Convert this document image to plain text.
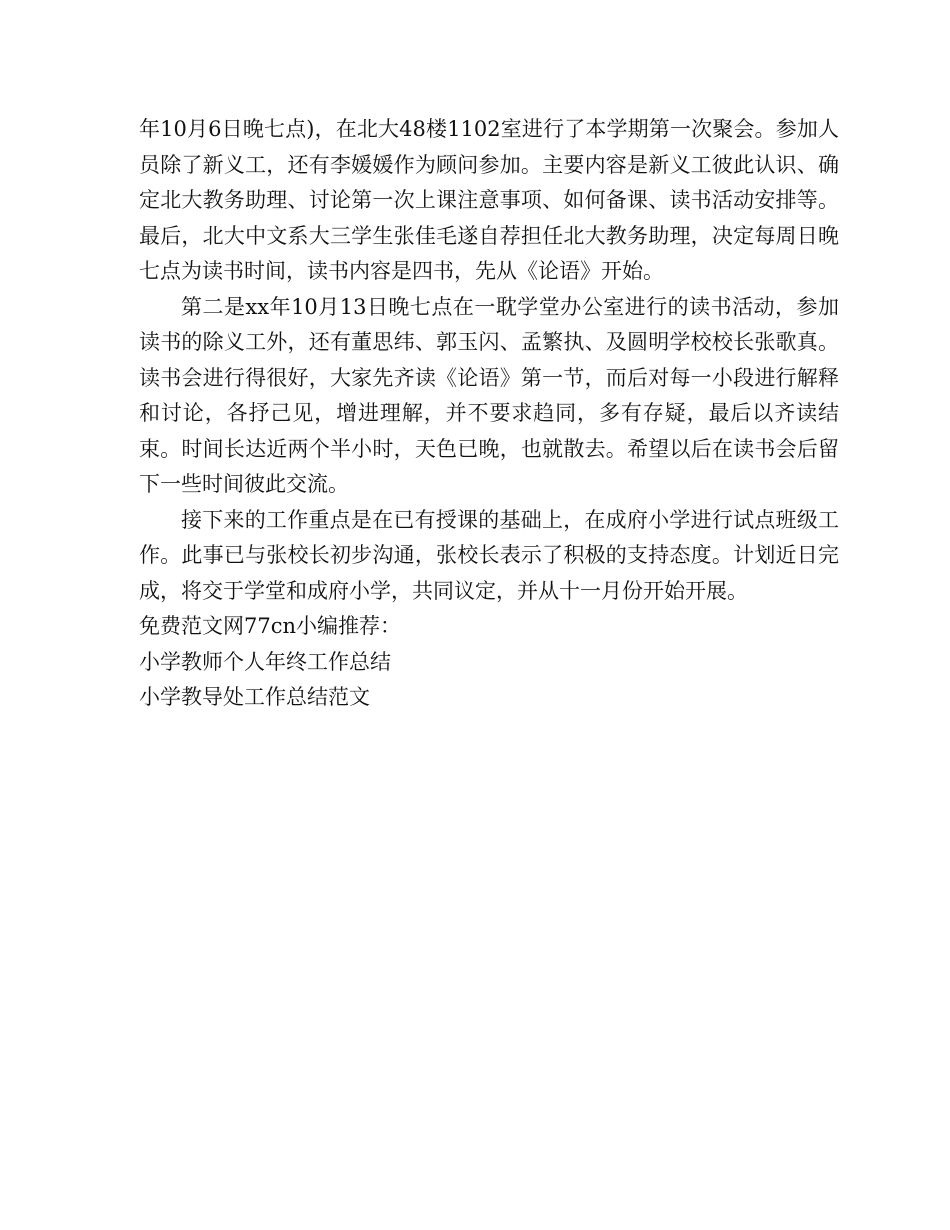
年10月6日晚七点)，在北大48楼1102室进行了本学期第一次聚会。参加人员除了新义工，还有李媛媛作为顾问参加。主要内容是新义工彼此认识、确定北大教务助理、讨论第一次上课注意事项、如何备课、读书活动安排等。最后，北大中文系大三学生张佳毛遂自荐担任北大教务助理，决定每周日晚七点为读书时间，读书内容是四书，先从《论语》开始。

第二是xx年10月13日晚七点在一耽学堂办公室进行的读书活动，参加读书的除义工外，还有董思纬、郭玉闪、孟繁执、及圆明学校校长张歌真。读书会进行得很好，大家先齐读《论语》第一节，而后对每一小段进行解释和讨论，各抒己见，增进理解，并不要求趋同，多有存疑，最后以齐读结束。时间长达近两个半小时，天色已晚，也就散去。希望以后在读书会后留下一些时间彼此交流。

接下来的工作重点是在已有授课的基础上，在成府小学进行试点班级工作。此事已与张校长初步沟通，张校长表示了积极的支持态度。计划近日完成，将交于学堂和成府小学，共同议定，并从十一月份开始开展。

免费范文网77cn小编推荐：

小学教师个人年终工作总结

小学教导处工作总结范文
